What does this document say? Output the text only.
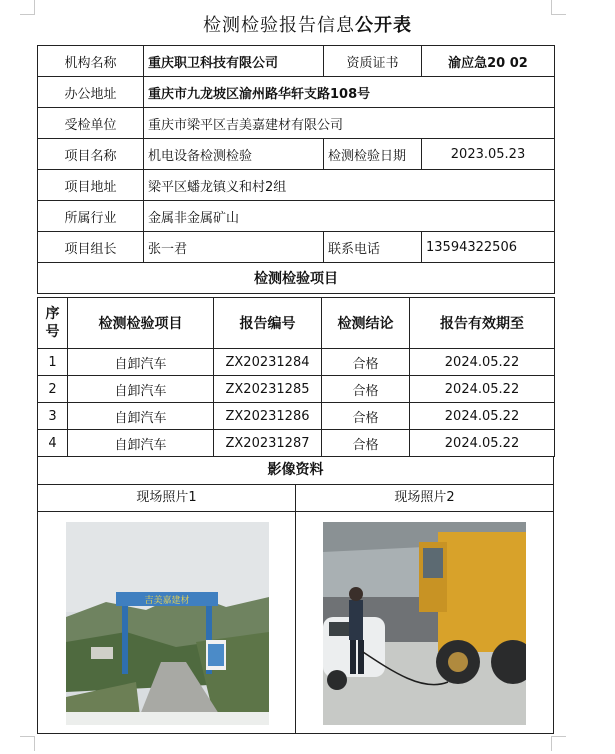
检测检验报告信息公开表
机构名称	重庆职卫科技有限公司	资质证书	渝应急20 02
办公地址	重庆市九龙坡区渝州路华轩支路108号		
受检单位	重庆市梁平区吉美嘉建材有限公司		
项目名称	机电设备检测检验	检测检验日期	2023.05.23
项目地址	梁平区蟠龙镇义和村2组		
所属行业	金属非金属矿山		
项目组长	张一君	联系电话	13594322506
检测检验项目			
序号	检测检验项目	报告编号	检测结论	报告有效期至
1	自卸汽车	ZX20231284	合格	2024.05.22
2	自卸汽车	ZX20231285	合格	2024.05.22
3	自卸汽车	ZX20231286	合格	2024.05.22
4	自卸汽车	ZX20231287	合格	2024.05.22
影像资料
现场照片1	现场照片2
吉美嘉建材
